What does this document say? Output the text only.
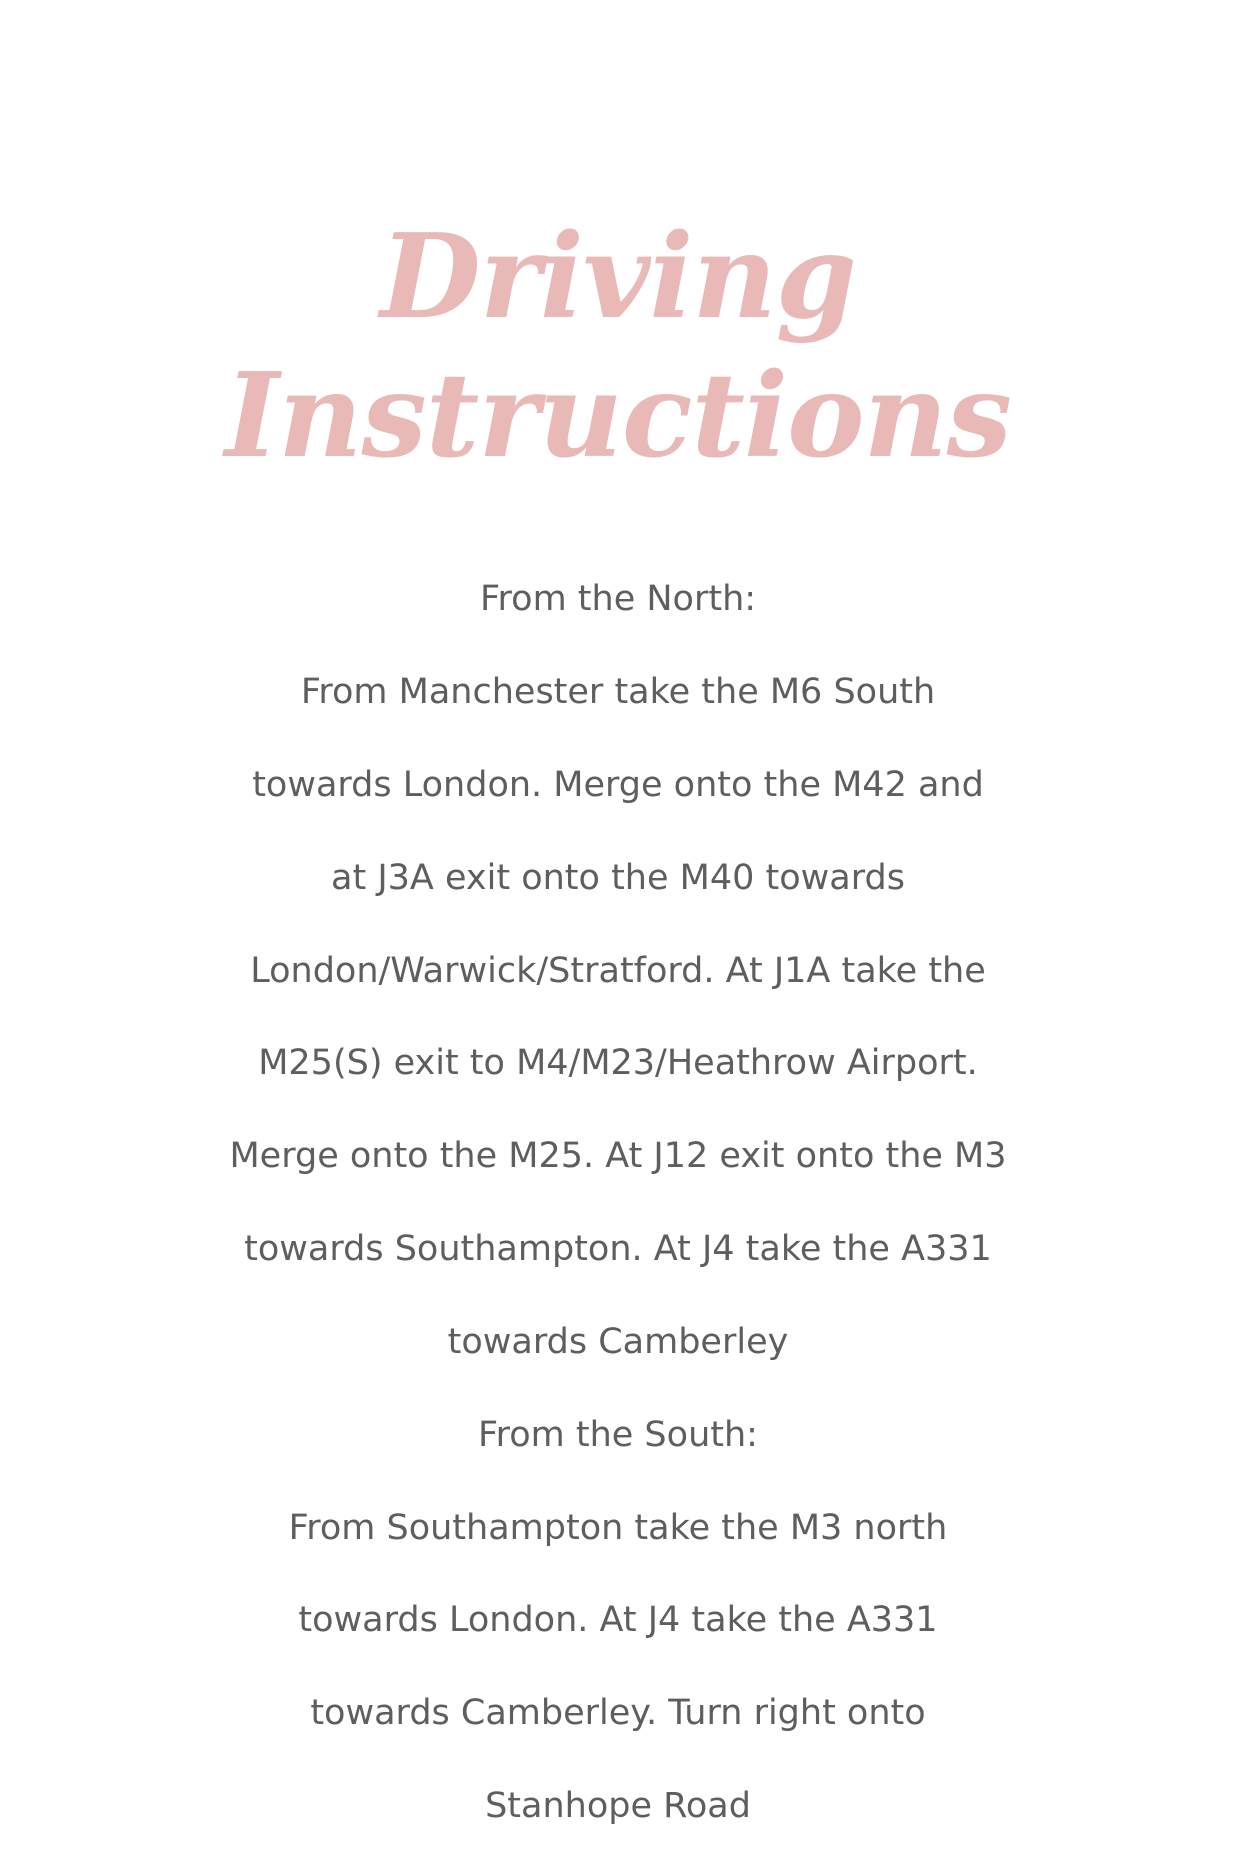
Driving Instructions

From the North:

From Manchester take the M6 South

towards London. Merge onto the M42 and

at J3A exit onto the M40 towards

London/Warwick/Stratford. At J1A take the

M25(S) exit to M4/M23/Heathrow Airport.

Merge onto the M25. At J12 exit onto the M3

towards Southampton. At J4 take the A331

towards Camberley

From the South:

From Southampton take the M3 north

towards London. At J4 take the A331

towards Camberley. Turn right onto

Stanhope Road
